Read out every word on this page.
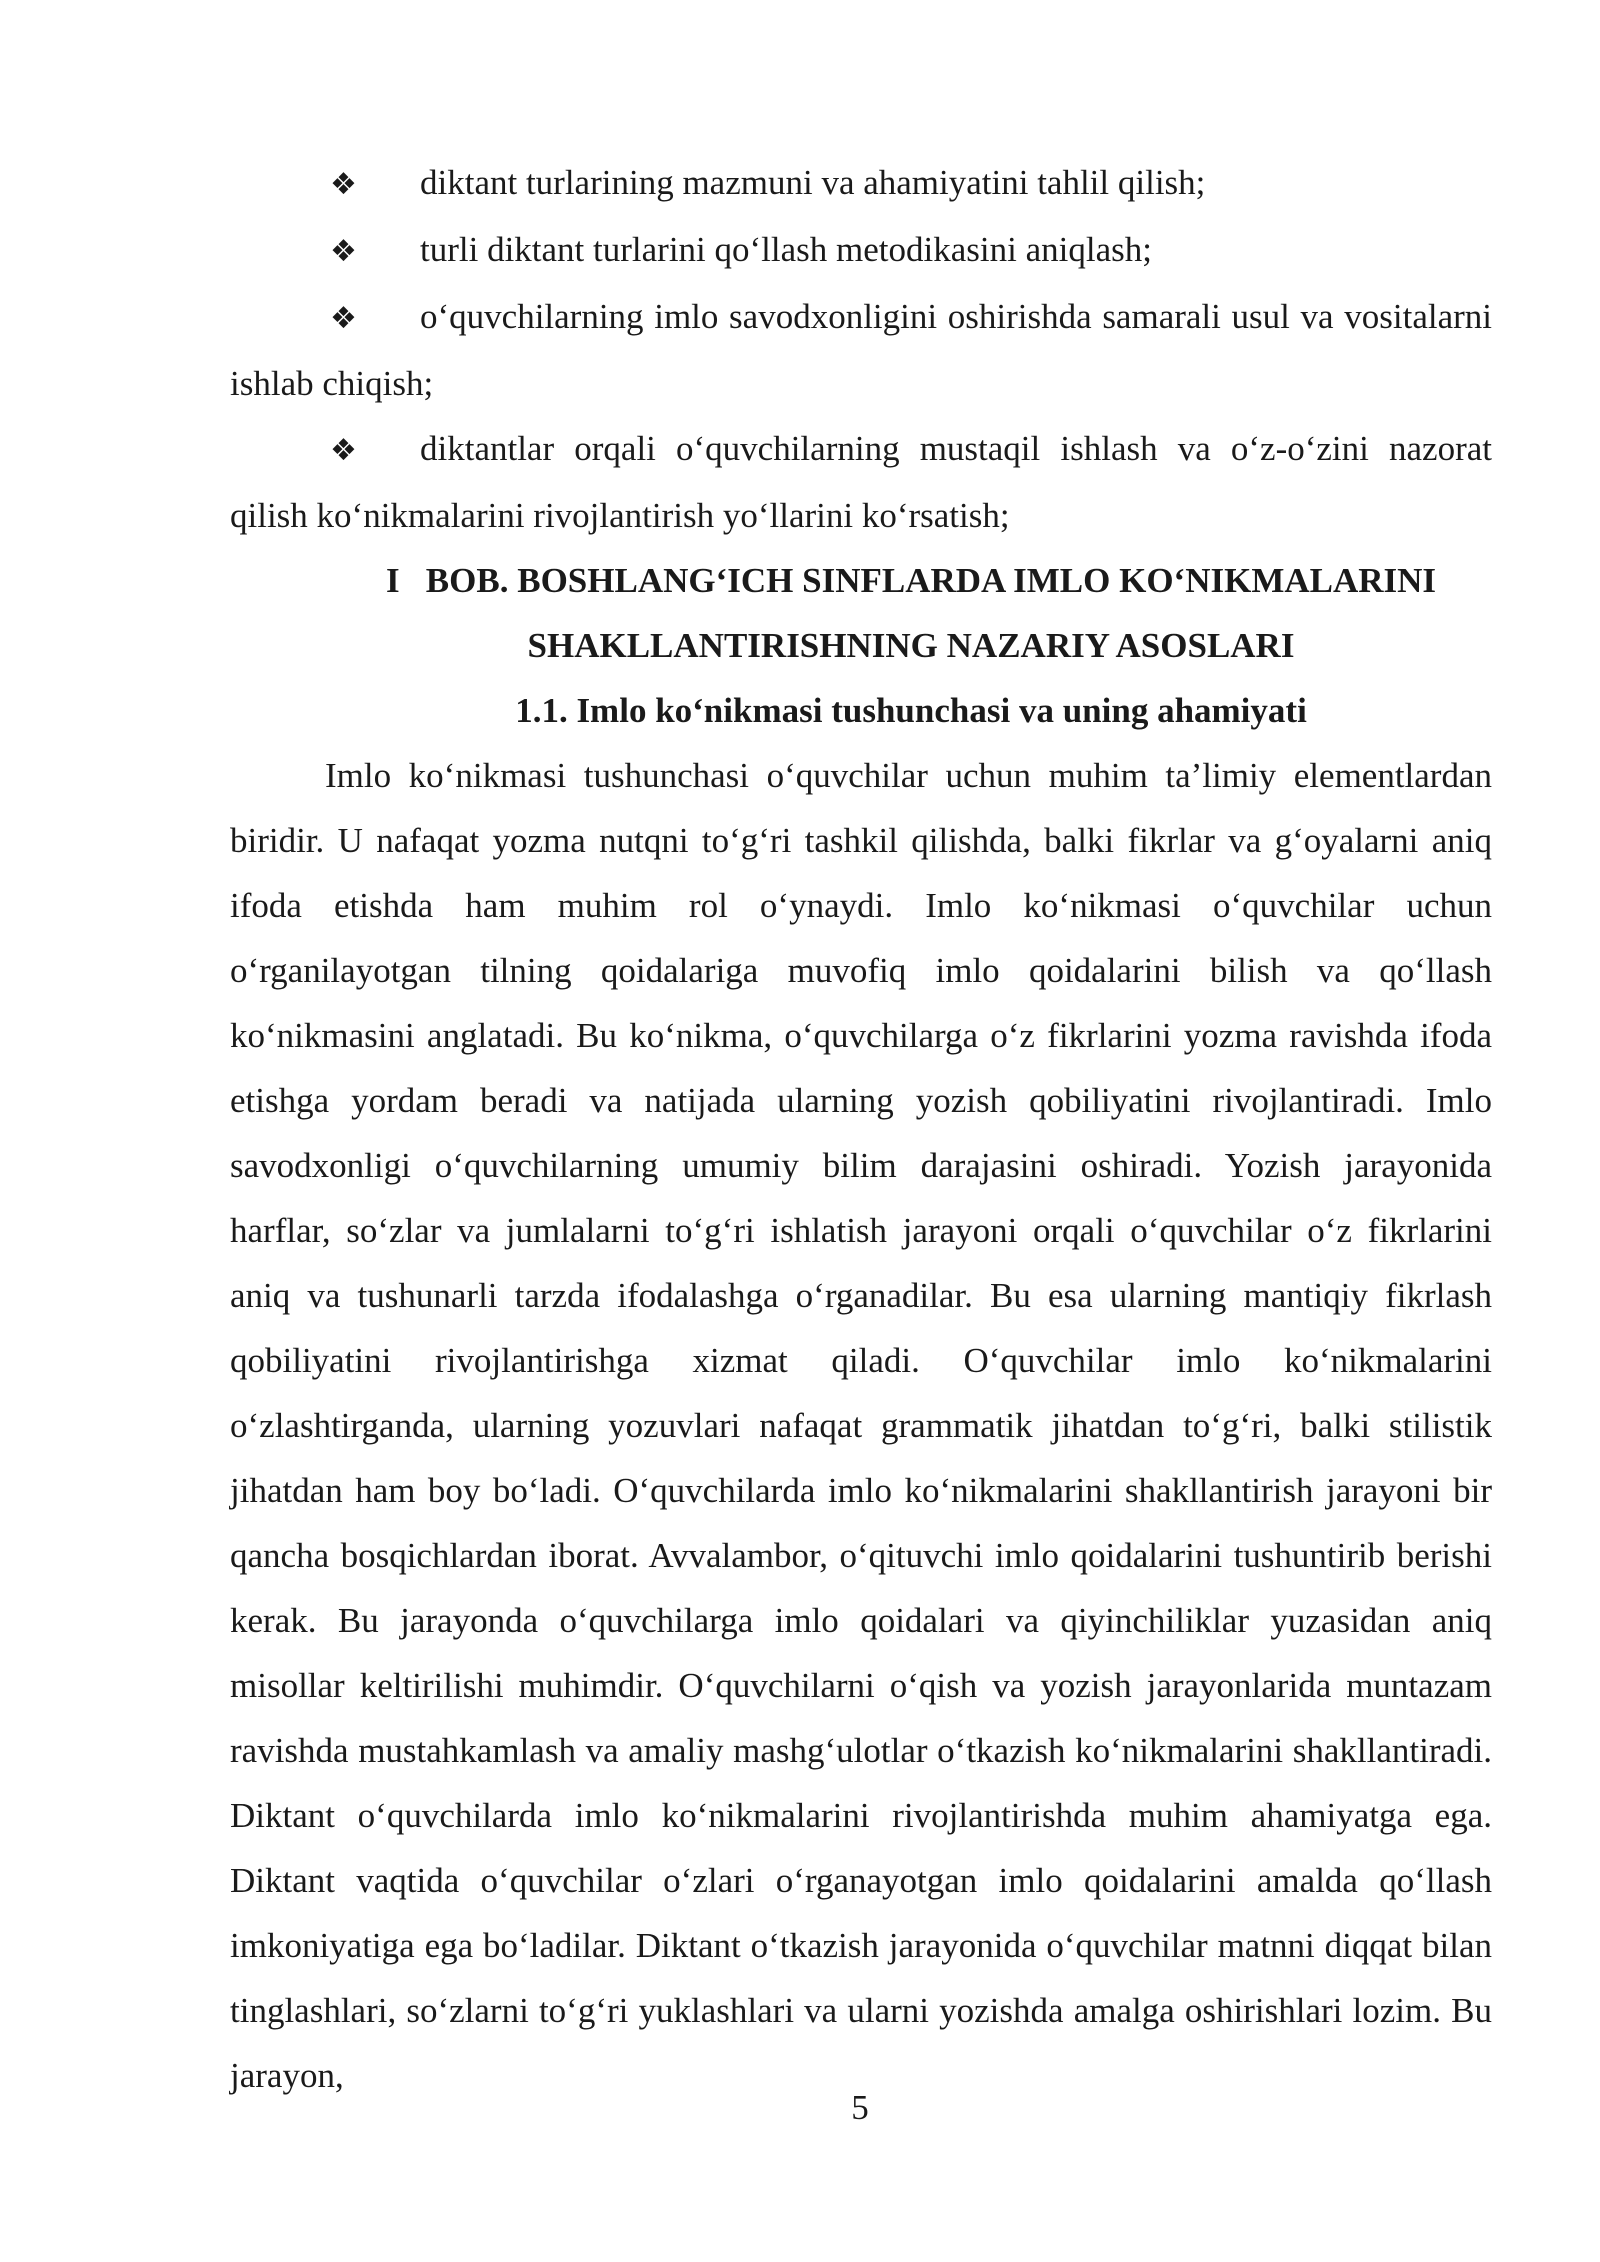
❖ diktant turlarining mazmuni va ahamiyatini tahlil qilish;

❖ turli diktant turlarini qo‘llash metodikasini aniqlash;

❖ o‘quvchilarning imlo savodxonligini oshirishda samarali usul va vositalarni ishlab chiqish;

❖ diktantlar orqali o‘quvchilarning mustaqil ishlash va o‘z-o‘zini nazorat qilish ko‘nikmalarini rivojlantirish yo‘llarini ko‘rsatish;

I   BOB. BOSHLANG‘ICH SINFLARDA IMLO KO‘NIKMALARINI
SHAKLLANTIRISHNING NAZARIY ASOSLARI
1.1. Imlo ko‘nikmasi tushunchasi va uning ahamiyati

Imlo ko‘nikmasi tushunchasi o‘quvchilar uchun muhim ta’limiy elementlardan biridir. U nafaqat yozma nutqni to‘g‘ri tashkil qilishda, balki fikrlar va g‘oyalarni aniq ifoda etishda ham muhim rol o‘ynaydi. Imlo ko‘nikmasi o‘quvchilar uchun o‘rganilayotgan tilning qoidalariga muvofiq imlo qoidalarini bilish va qo‘llash ko‘nikmasini anglatadi. Bu ko‘nikma, o‘quvchilarga o‘z fikrlarini yozma ravishda ifoda etishga yordam beradi va natijada ularning yozish qobiliyatini rivojlantiradi. Imlo savodxonligi o‘quvchilarning umumiy bilim darajasini oshiradi. Yozish jarayonida harflar, so‘zlar va jumlalarni to‘g‘ri ishlatish jarayoni orqali o‘quvchilar o‘z fikrlarini aniq va tushunarli tarzda ifodalashga o‘rganadilar. Bu esa ularning mantiqiy fikrlash qobiliyatini rivojlantirishga xizmat qiladi. O‘quvchilar imlo ko‘nikmalarini o‘zlashtirganda, ularning yozuvlari nafaqat grammatik jihatdan to‘g‘ri, balki stilistik jihatdan ham boy bo‘ladi. O‘quvchilarda imlo ko‘nikmalarini shakllantirish jarayoni bir qancha bosqichlardan iborat. Avvalambor, o‘qituvchi imlo qoidalarini tushuntirib berishi kerak. Bu jarayonda o‘quvchilarga imlo qoidalari va qiyinchiliklar yuzasidan aniq misollar keltirilishi muhimdir. O‘quvchilarni o‘qish va yozish jarayonlarida muntazam ravishda mustahkamlash va amaliy mashg‘ulotlar o‘tkazish ko‘nikmalarini shakllantiradi. Diktant o‘quvchilarda imlo ko‘nikmalarini rivojlantirishda muhim ahamiyatga ega. Diktant vaqtida o‘quvchilar o‘zlari o‘rganayotgan imlo qoidalarini amalda qo‘llash imkoniyatiga ega bo‘ladilar. Diktant o‘tkazish jarayonida o‘quvchilar matnni diqqat bilan tinglashlari, so‘zlarni to‘g‘ri yuklashlari va ularni yozishda amalga oshirishlari lozim. Bu jarayon,

5
